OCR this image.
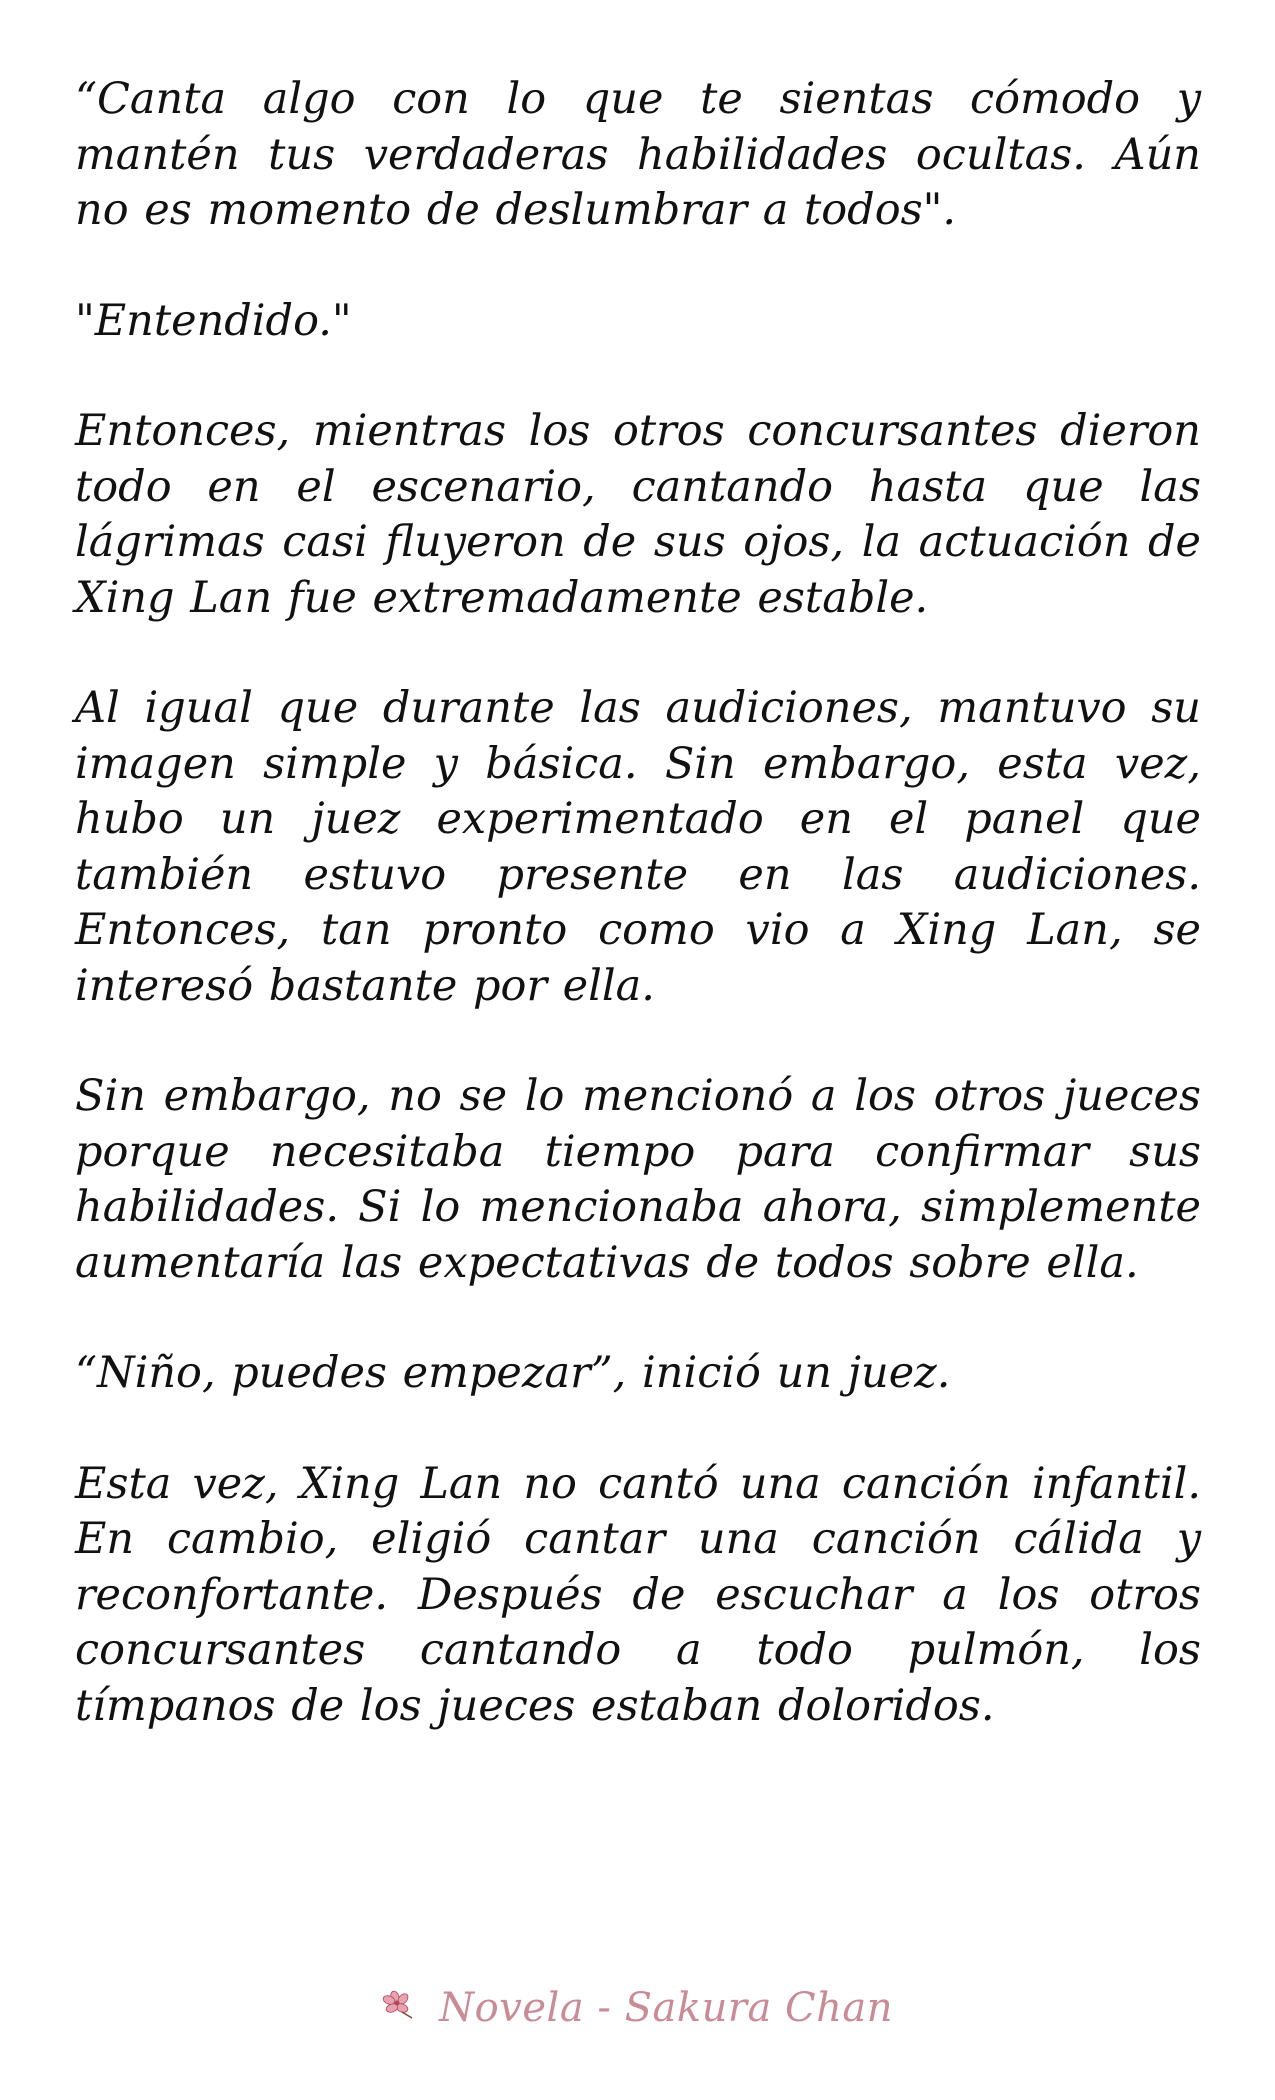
“Canta algo con lo que te sientas cómodo y mantén tus verdaderas habilidades ocultas. Aún no es momento de deslumbrar a todos".

"Entendido."

Entonces, mientras los otros concursantes dieron todo en el escenario, cantando hasta que las lágrimas casi fluyeron de sus ojos, la actuación de Xing Lan fue extremadamente estable.

Al igual que durante las audiciones, mantuvo su imagen simple y básica. Sin embargo, esta vez, hubo un juez experimentado en el panel que también estuvo presente en las audiciones. Entonces, tan pronto como vio a Xing Lan, se interesó bastante por ella.

Sin embargo, no se lo mencionó a los otros jueces porque necesitaba tiempo para confirmar sus habilidades. Si lo mencionaba ahora, simplemente aumentaría las expectativas de todos sobre ella.

“Niño, puedes empezar”, inició un juez.

Esta vez, Xing Lan no cantó una canción infantil. En cambio, eligió cantar una canción cálida y reconfortante. Después de escuchar a los otros concursantes cantando a todo pulmón, los tímpanos de los jueces estaban doloridos.

Novela - Sakura Chan
